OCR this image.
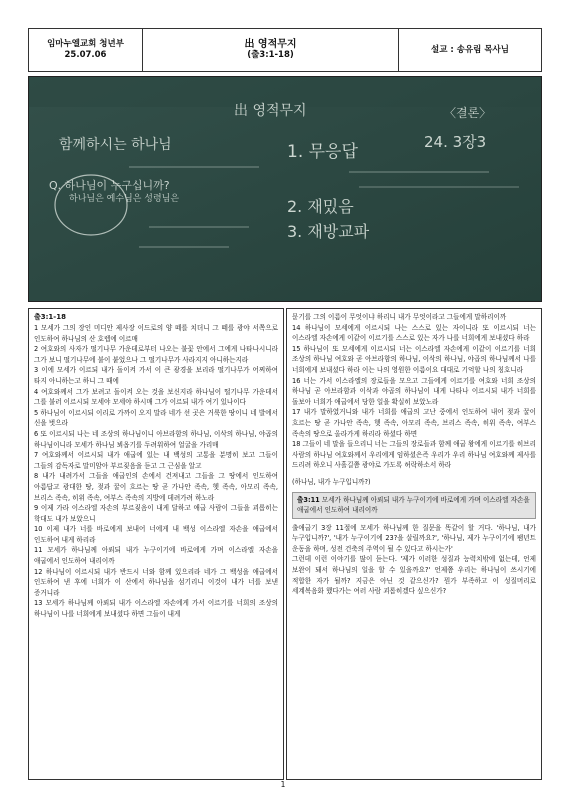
임마누엘교회 청년부
25.07.06
出 영적무지
(출3:1-18)
설교 : 송유림 목사님
出 영적무지	〈결론〉
함께하시는 하나님	1. 무응답	24. 3장3
Q. 하나님이 누구십니까?
2. 재밌음
3. 재방교파
하나님은 예수님은 성령님은
출3:1-18

1 모세가 그의 장인 미디안 제사장 이드로의 양 떼를 치더니 그 떼를 광야 서쪽으로 인도하여 하나님의 산 호렙에 이르매

2 여호와의 사자가 떨기나무 가운데로부터 나오는 불꽃 안에서 그에게 나타나시니라 그가 보니 떨기나무에 불이 붙었으나 그 떨기나무가 사라지지 아니하는지라

3 이에 모세가 이르되 내가 돌이켜 가서 이 큰 광경을 보리라 떨기나무가 어찌하여 타지 아니하는고 하니 그 때에

4 여호와께서 그가 보려고 돌이켜 오는 것을 보신지라 하나님이 떨기나무 가운데서 그를 불러 이르시되 모세야 모세야 하시매 그가 이르되 내가 여기 있나이다

5 하나님이 이르시되 이리로 가까이 오지 말라 네가 선 곳은 거룩한 땅이니 네 발에서 신을 벗으라

6 또 이르시되 나는 네 조상의 하나님이니 아브라함의 하나님, 이삭의 하나님, 야곱의 하나님이니라 모세가 하나님 뵈옵기를 두려워하여 얼굴을 가리매

7 여호와께서 이르시되 내가 애굽에 있는 내 백성의 고통을 분명히 보고 그들이 그들의 감독자로 말미암아 부르짖음을 듣고 그 근심을 알고

8 내가 내려가서 그들을 애굽인의 손에서 건져내고 그들을 그 땅에서 인도하여 아름답고 광대한 땅, 젖과 꿀이 흐르는 땅 곧 가나안 족속, 헷 족속, 아모리 족속, 브리스 족속, 히위 족속, 여부스 족속의 지방에 데려가려 하노라

9 이제 가라 이스라엘 자손의 부르짖음이 내게 달하고 애굽 사람이 그들을 괴롭히는 학대도 내가 보았으니

10 이제 내가 너를 바로에게 보내어 너에게 내 백성 이스라엘 자손을 애굽에서 인도하여 내게 하리라

11 모세가 하나님께 아뢰되 내가 누구이기에 바로에게 가며 이스라엘 자손을 애굽에서 인도하여 내리이까

12 하나님이 이르시되 내가 반드시 너와 함께 있으리라 네가 그 백성을 애굽에서 인도하여 낸 후에 너희가 이 산에서 하나님을 섬기리니 이것이 내가 너를 보낸 증거니라

13 모세가 하나님께 아뢰되 내가 이스라엘 자손에게 가서 이르기를 너희의 조상의 하나님이 나를 너희에게 보내셨다 하면 그들이 내게

묻기를 그의 이름이 무엇이냐 하리니 내가 무엇이라고 그들에게 말하리이까

14 하나님이 모세에게 이르시되 나는 스스로 있는 자이니라 또 이르시되 너는 이스라엘 자손에게 이같이 이르기를 스스로 있는 자가 나를 너희에게 보내셨다 하라

15 하나님이 또 모세에게 이르시되 너는 이스라엘 자손에게 이같이 이르기를 너희 조상의 하나님 여호와 곧 아브라함의 하나님, 이삭의 하나님, 야곱의 하나님께서 나를 너희에게 보내셨다 하라 이는 나의 영원한 이름이요 대대로 기억할 나의 칭호니라

16 너는 가서 이스라엘의 장로들을 모으고 그들에게 이르기를 여호와 너희 조상의 하나님 곧 아브라함과 이삭과 야곱의 하나님이 내게 나타나 이르시되 내가 너희를 돌보아 너희가 애굽에서 당한 일을 확실히 보았노라

17 내가 말하였거니와 내가 너희를 애굽의 고난 중에서 인도하여 내어 젖과 꿀이 흐르는 땅 곧 가나안 족속, 헷 족속, 아모리 족속, 브리스 족속, 히위 족속, 여부스 족속의 땅으로 올라가게 하리라 하셨다 하면

18 그들이 네 말을 들으리니 너는 그들의 장로들과 함께 애굽 왕에게 이르기를 히브리 사람의 하나님 여호와께서 우리에게 임하셨은즉 우리가 우리 하나님 여호와께 제사를 드리려 하오니 사흘길쯤 광야로 가도록 허락하소서 하라

(하나님, 내가 누구입니까?)
출3:11 모세가 하나님께 아뢰되 내가 누구이기에 바로에게 가며 이스라엘 자손을 애굽에서 인도하여 내리이까

출애굽기 3장 11절에 모세가 하나님께 한 질문을 똑같이 할 거다. '하나님, 내가 누구입니까?', '내가 누구이기에 23?을 살릴까요?', '하나님, 제가 누구이기에 팸년트 운동을 하며, 성전 건축의 주역이 될 수 있다고 하시는가'

그런데 이런 이야기를 많이 듣는다. '제가 이러한 성질과 능력치밖에 없는데, 언제 보완이 돼서 하나님의 일을 할 수 있을까요?' 언제쯤 우리는 하나님이 쓰시기에 적합한 자가 될까? 지금은 아닌 것 같으신가? 뭔가 부족하고 이 성질머리로 세계복음화 했다가는 여러 사람 괴롭히겠다 싶으신가?

1
